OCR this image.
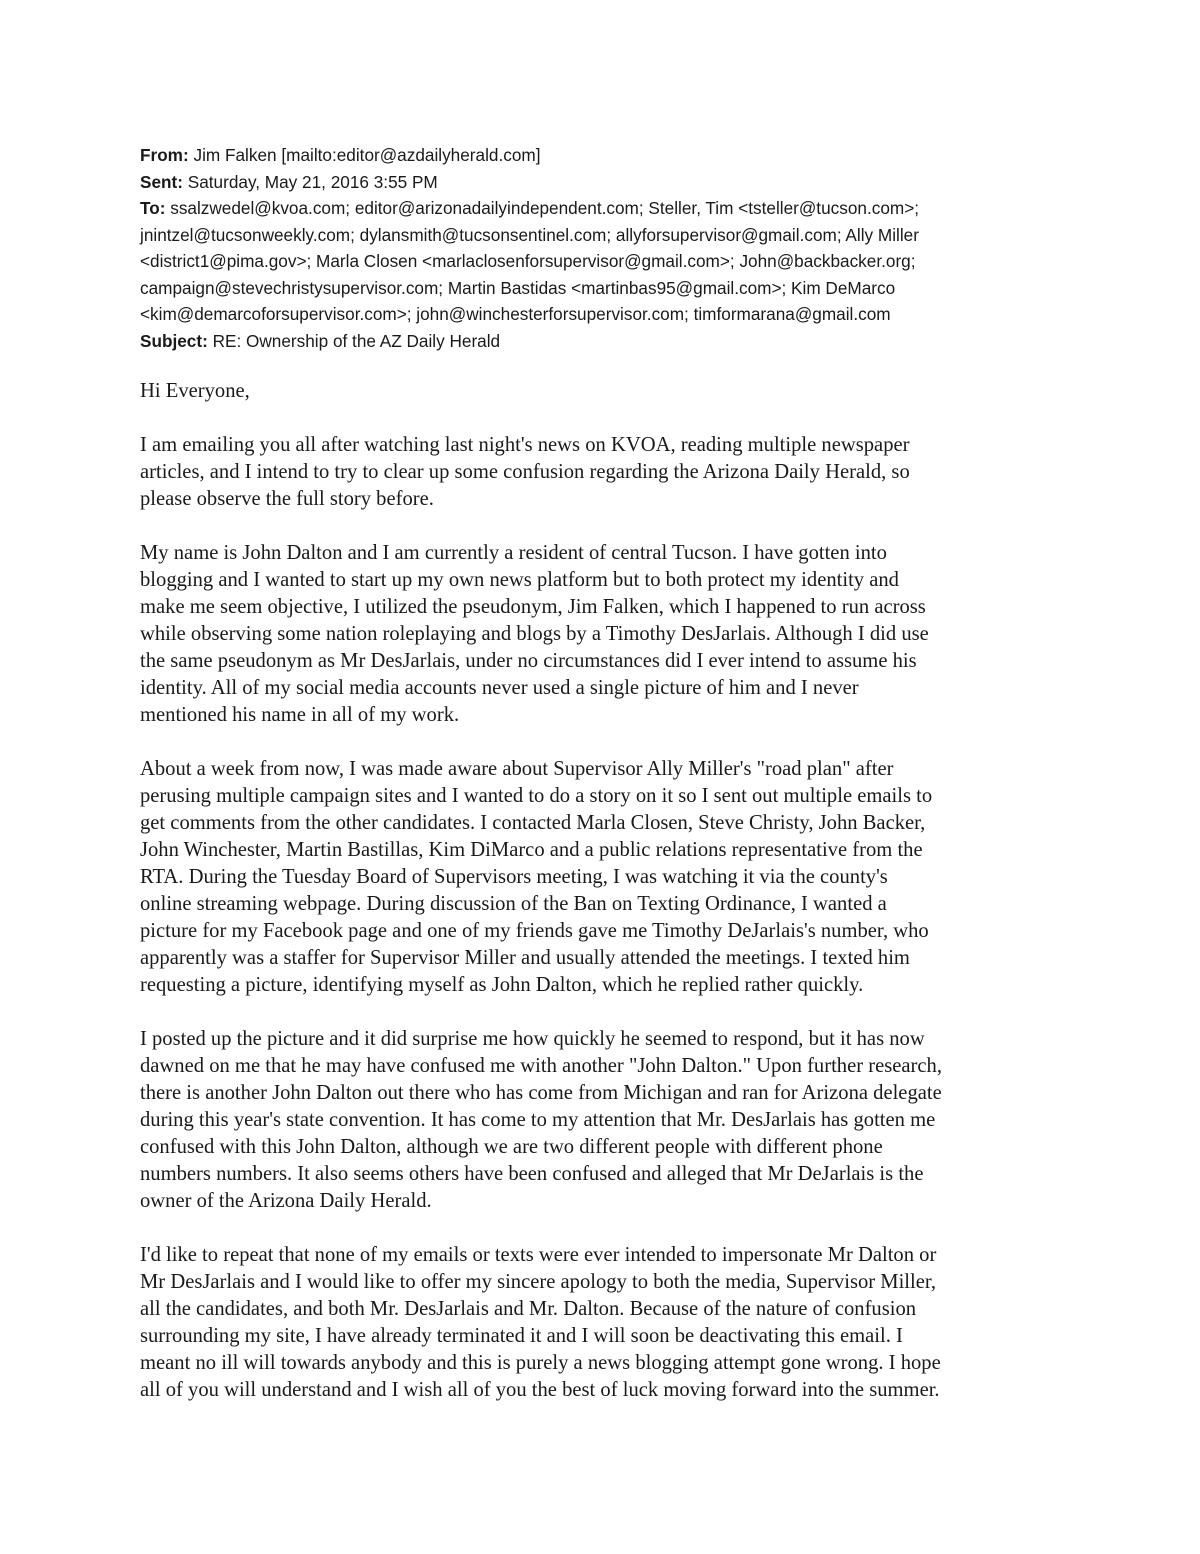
From: Jim Falken [mailto:editor@azdailyherald.com]
Sent: Saturday, May 21, 2016 3:55 PM
To: ssalzwedel@kvoa.com; editor@arizonadailyindependent.com; Steller, Tim <tsteller@tucson.com>;
jnintzel@tucsonweekly.com; dylansmith@tucsonsentinel.com; allyforsupervisor@gmail.com; Ally Miller
<district1@pima.gov>; Marla Closen <marlaclosenforsupervisor@gmail.com>; John@backbacker.org;
campaign@stevechristysupervisor.com; Martin Bastidas <martinbas95@gmail.com>; Kim DeMarco
<kim@demarcoforsupervisor.com>; john@winchesterforsupervisor.com; timformarana@gmail.com
Subject: RE: Ownership of the AZ Daily Herald

Hi Everyone,

I am emailing you all after watching last night's news on KVOA, reading multiple newspaper
articles, and I intend to try to clear up some confusion regarding the Arizona Daily Herald, so
please observe the full story before.

My name is John Dalton and I am currently a resident of central Tucson. I have gotten into
blogging and I wanted to start up my own news platform but to both protect my identity and
make me seem objective, I utilized the pseudonym, Jim Falken, which I happened to run across
while observing some nation roleplaying and blogs by a Timothy DesJarlais. Although I did use
the same pseudonym as Mr DesJarlais, under no circumstances did I ever intend to assume his
identity. All of my social media accounts never used a single picture of him and I never
mentioned his name in all of my work.

About a week from now, I was made aware about Supervisor Ally Miller's "road plan" after
perusing multiple campaign sites and I wanted to do a story on it so I sent out multiple emails to
get comments from the other candidates. I contacted Marla Closen, Steve Christy, John Backer,
John Winchester, Martin Bastillas, Kim DiMarco and a public relations representative from the
RTA. During the Tuesday Board of Supervisors meeting, I was watching it via the county's
online streaming webpage. During discussion of the Ban on Texting Ordinance, I wanted a
picture for my Facebook page and one of my friends gave me Timothy DeJarlais's number, who
apparently was a staffer for Supervisor Miller and usually attended the meetings. I texted him
requesting a picture, identifying myself as John Dalton, which he replied rather quickly.

I posted up the picture and it did surprise me how quickly he seemed to respond, but it has now
dawned on me that he may have confused me with another "John Dalton." Upon further research,
there is another John Dalton out there who has come from Michigan and ran for Arizona delegate
during this year's state convention. It has come to my attention that Mr. DesJarlais has gotten me
confused with this John Dalton, although we are two different people with different phone
numbers numbers. It also seems others have been confused and alleged that Mr DeJarlais is the
owner of the Arizona Daily Herald.

I'd like to repeat that none of my emails or texts were ever intended to impersonate Mr Dalton or
Mr DesJarlais and I would like to offer my sincere apology to both the media, Supervisor Miller,
all the candidates, and both Mr. DesJarlais and Mr. Dalton. Because of the nature of confusion
surrounding my site, I have already terminated it and I will soon be deactivating this email. I
meant no ill will towards anybody and this is purely a news blogging attempt gone wrong. I hope
all of you will understand and I wish all of you the best of luck moving forward into the summer.
